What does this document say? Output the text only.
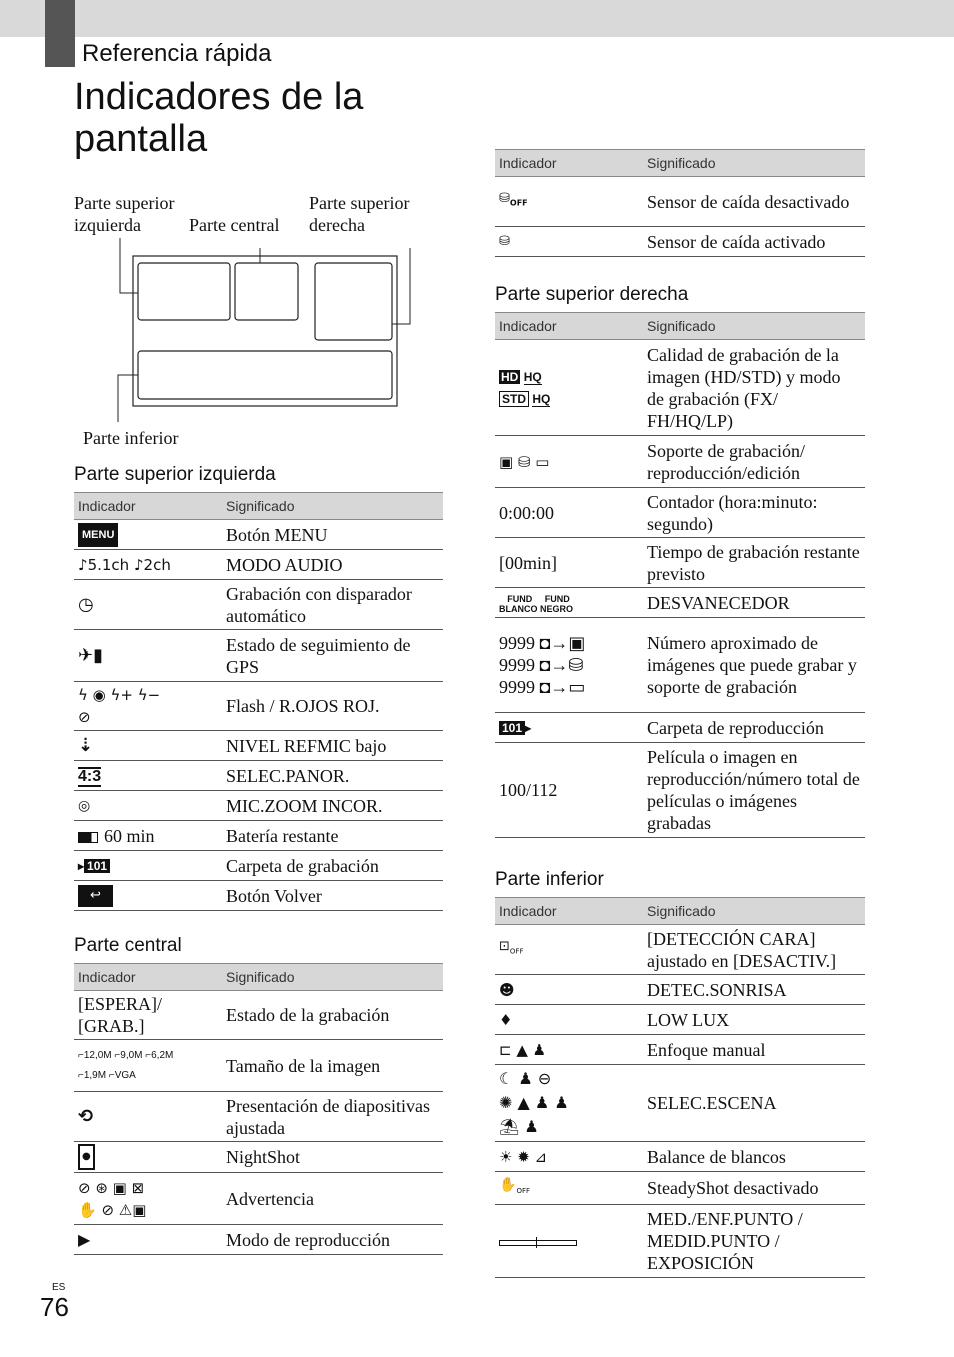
Referencia rápida
Indicadores de la pantalla
Parte superior izquierda	Parte central
Parte superior derecha
Parte inferior
Parte superior izquierda
Indicador	Significado
MENU	Botón MENU
♪5.1ch ♪2ch	MODO AUDIO
◷	Grabación con disparador automático
✈▮	Estado de seguimiento de GPS
ϟ ◉ ϟ+ ϟ−
⊘	Flash / R.OJOS ROJ.
⇣	NIVEL REFMIC bajo
4:3	SELEC.PANOR.
◎	MIC.ZOOM INCOR.
60 min	Batería restante
▸ 101	Carpeta de grabación
↩	Botón Volver
Parte central
Indicador	Significado
[ESPERA]/ [GRAB.]	Estado de la grabación
⌐12,0M ⌐9,0M ⌐6,2M
⌐1,9M ⌐VGA	Tamaño de la imagen
⟲	Presentación de diapositivas ajustada
●	NightShot
⊘ ⊛ ▣ ⊠
✋ ⊘ ⚠▣	Advertencia
▶	Modo de reproducción
Indicador	Significado
$⛁_{OFF}$	Sensor de caída desactivado
⛁	Sensor de caída activado
Parte superior derecha
Indicador	Significado
HD HQ
STD HQ	Calidad de grabación de la imagen (HD/STD) y modo de grabación (FX/ FH/HQ/LP)
▣ ⛁ ▭	Soporte de grabación/ reproducción/edición
0:00:00	Contador (hora:minuto: segundo)
[00min]	Tiempo de grabación restante previsto
FUND     FUND
BLANCO NEGRO	DESVANECEDOR
9999 ◘→▣
9999 ◘→⛁
9999 ◘→▭	Número aproximado de imágenes que puede grabar y soporte de grabación
101 ▸	Carpeta de reproducción
100/112	Película o imagen en reproducción/número total de películas o imágenes grabadas
Parte inferior
Indicador	Significado
$⊡_{OFF}$	[DETECCIÓN CARA] ajustado en [DESACTIV.]
☻	DETEC.SONRISA
♦	LOW LUX
⊏ ▲ ♟	Enfoque manual
☾ ♟ ⊖
✺ ▲ ♟ ♟
⛱ ♟	SELEC.ESCENA
☀ ✹ ⊿	Balance de blancos
$✋_{OFF}$	SteadyShot desactivado

	MED./ENF.PUNTO / MEDID.PUNTO / EXPOSICIÓN
ES
76
